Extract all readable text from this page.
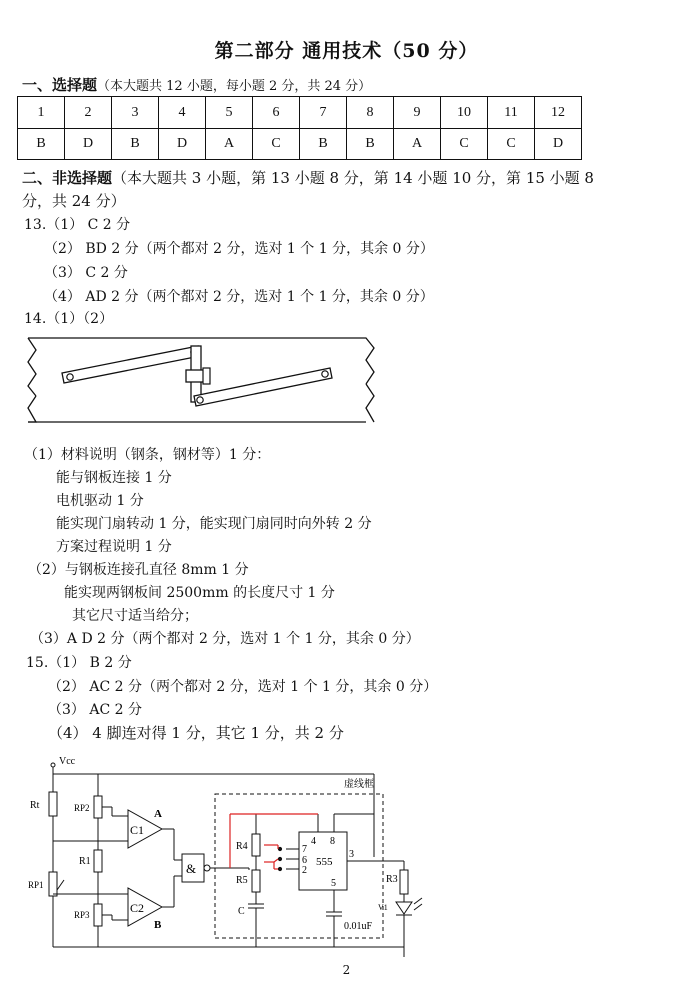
第二部分 通用技术（50 分）
一、选择题（本大题共 12 小题，每小题 2 分，共 24 分）
1	2	3	4	5	6	7	8	9	10	11	12
B	D	B	D	A	C	B	B	A	C	C	D
二、非选择题（本大题共 3 小题，第 13 小题 8 分，第 14 小题 10 分，第 15 小题 8
分，共 24 分）
13.（1） C 2 分
（2） BD 2 分（两个都对 2 分，选对 1 个 1 分，其余 0 分）
（3） C 2 分
（4） AD 2 分（两个都对 2 分，选对 1 个 1 分，其余 0 分）
14.（1）（2）
（1）材料说明（钢条，钢材等）1 分：
能与钢板连接 1 分
电机驱动 1 分
能实现门扇转动 1 分，能实现门扇同时向外转 2 分
方案过程说明 1 分
（2）与钢板连接孔直径 8mm 1 分
能实现两钢板间 2500mm 的长度尺寸 1 分
其它尺寸适当给分；
（3）A D 2 分（两个都对 2 分，选对 1 个 1 分，其余 0 分）
15.（1） B 2 分
（2） AC 2 分（两个都对 2 分，选对 1 个 1 分，其余 0 分）
（3） AC 2 分
（4） 4 脚连对得 1 分，其它 1 分，共 2 分
Vcc
Rt
RP1
RP2
R1
RP3
C1
C2
A
B
&
R4
R5
C
555
4 8
7
6
2
3
5
0.01uF
R3
V1
虚线框
2
